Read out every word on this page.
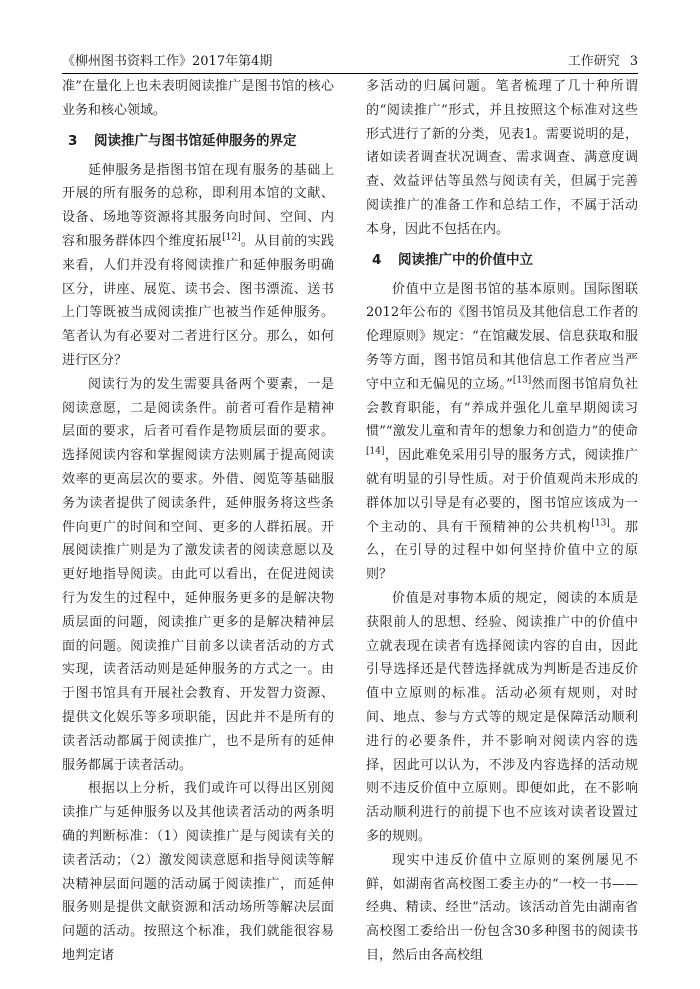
《柳州图书资料工作》2017年第4期	工作研究 3

准”在量化上也未表明阅读推广是图书馆的核心业务和核心领域。

3 阅读推广与图书馆延伸服务的界定

延伸服务是指图书馆在现有服务的基础上开展的所有服务的总称，即利用本馆的文献、设备、场地等资源将其服务向时间、空间、内容和服务群体四个维度拓展[12]。从目前的实践来看，人们并没有将阅读推广和延伸服务明确区分，讲座、展览、读书会、图书漂流、送书上门等既被当成阅读推广也被当作延伸服务。笔者认为有必要对二者进行区分。那么，如何进行区分？

阅读行为的发生需要具备两个要素，一是阅读意愿，二是阅读条件。前者可看作是精神层面的要求，后者可看作是物质层面的要求。选择阅读内容和掌握阅读方法则属于提高阅读效率的更高层次的要求。外借、阅览等基础服务为读者提供了阅读条件，延伸服务将这些条件向更广的时间和空间、更多的人群拓展。开展阅读推广则是为了激发读者的阅读意愿以及更好地指导阅读。由此可以看出，在促进阅读行为发生的过程中，延伸服务更多的是解决物质层面的问题，阅读推广更多的是解决精神层面的问题。阅读推广目前多以读者活动的方式实现，读者活动则是延伸服务的方式之一。由于图书馆具有开展社会教育、开发智力资源、提供文化娱乐等多项职能，因此并不是所有的读者活动都属于阅读推广，也不是所有的延伸服务都属于读者活动。

根据以上分析，我们或许可以得出区别阅读推广与延伸服务以及其他读者活动的两条明确的判断标准：（1）阅读推广是与阅读有关的读者活动；（2）激发阅读意愿和指导阅读等解决精神层面问题的活动属于阅读推广，而延伸服务则是提供文献资源和活动场所等解决层面问题的活动。按照这个标准，我们就能很容易地判定诸

多活动的归属问题。笔者梳理了几十种所谓的“阅读推广”形式，并且按照这个标准对这些形式进行了新的分类，见表1。需要说明的是，诸如读者调查状况调查、需求调查、满意度调查、效益评估等虽然与阅读有关，但属于完善阅读推广的准备工作和总结工作，不属于活动本身，因此不包括在内。

4 阅读推广中的价值中立

价值中立是图书馆的基本原则。国际图联2012年公布的《图书馆员及其他信息工作者的伦理原则》规定：“在馆藏发展、信息获取和服务等方面，图书馆员和其他信息工作者应当严守中立和无偏见的立场。”[13]然而图书馆肩负社会教育职能，有“养成并强化儿童早期阅读习惯”“激发儿童和青年的想象力和创造力”的使命[14]，因此难免采用引导的服务方式，阅读推广就有明显的引导性质。对于价值观尚未形成的群体加以引导是有必要的，图书馆应该成为一个主动的、具有干预精神的公共机构[13]。那么，在引导的过程中如何坚持价值中立的原则？

价值是对事物本质的规定，阅读的本质是获限前人的思想、经验、阅读推广中的价值中立就表现在读者有选择阅读内容的自由，因此引导选择还是代替选择就成为判断是否违反价值中立原则的标准。活动必须有规则，对时间、地点、参与方式等的规定是保障活动顺利进行的必要条件，并不影响对阅读内容的选择，因此可以认为，不涉及内容选择的活动规则不违反价值中立原则。即便如此，在不影响活动顺利进行的前提下也不应该对读者设置过多的规则。

现实中违反价值中立原则的案例屡见不鲜，如湖南省高校图工委主办的“一校一书——经典、精读、经世”活动。该活动首先由湖南省高校图工委给出一份包含30多种图书的阅读书目，然后由各高校组
